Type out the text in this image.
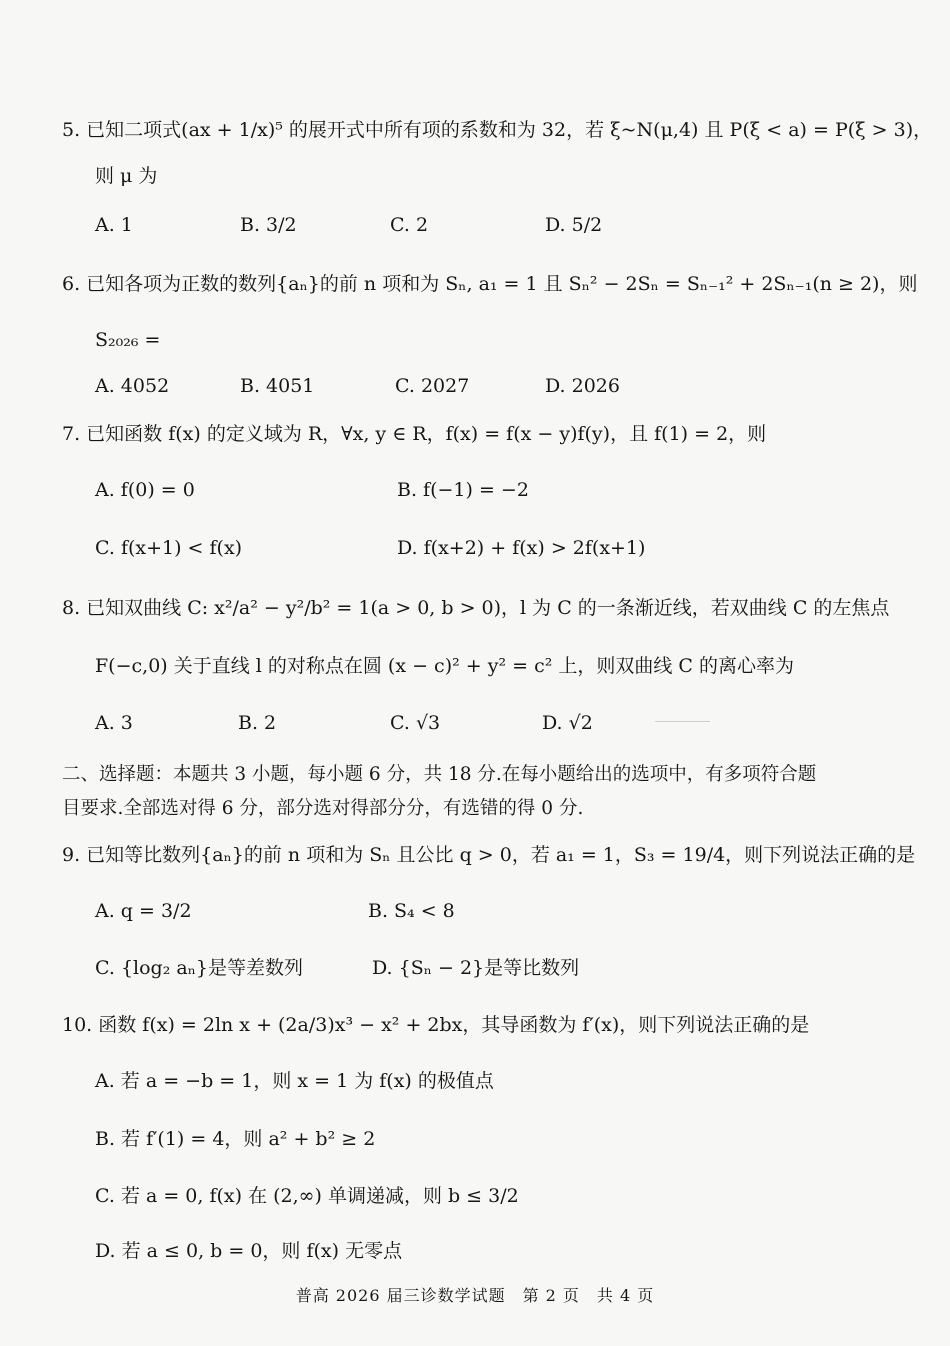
5. 已知二项式(ax + 1/x)⁵ 的展开式中所有项的系数和为 32，若 ξ~N(μ,4) 且 P(ξ < a) = P(ξ > 3)，
则 μ 为
A. 1	B. 3/2	C. 2	D. 5/2
6. 已知各项为正数的数列{aₙ}的前 n 项和为 Sₙ, a₁ = 1 且 Sₙ² − 2Sₙ = Sₙ₋₁² + 2Sₙ₋₁(n ≥ 2)，则
S₂₀₂₆ =
A. 4052	B. 4051	C. 2027	D. 2026
7. 已知函数 f(x) 的定义域为 R，∀x, y ∈ R，f(x) = f(x − y)f(y)，且 f(1) = 2，则
A. f(0) = 0	B. f(−1) = −2
C. f(x+1) < f(x)	D. f(x+2) + f(x) > 2f(x+1)
8. 已知双曲线 C: x²/a² − y²/b² = 1(a > 0, b > 0)，l 为 C 的一条渐近线，若双曲线 C 的左焦点
F(−c,0) 关于直线 l 的对称点在圆 (x − c)² + y² = c² 上，则双曲线 C 的离心率为
A. 3	B. 2	C. √3	D. √2
二、选择题：本题共 3 小题，每小题 6 分，共 18 分.在每小题给出的选项中，有多项符合题
目要求.全部选对得 6 分，部分选对得部分分，有选错的得 0 分.
9. 已知等比数列{aₙ}的前 n 项和为 Sₙ 且公比 q > 0，若 a₁ = 1，S₃ = 19/4，则下列说法正确的是
A. q = 3/2	B. S₄ < 8
C. {log₂ aₙ}是等差数列	D. {Sₙ − 2}是等比数列
10. 函数 f(x) = 2ln x + (2a/3)x³ − x² + 2bx，其导函数为 f′(x)，则下列说法正确的是
A. 若 a = −b = 1，则 x = 1 为 f(x) 的极值点
B. 若 f′(1) = 4，则 a² + b² ≥ 2
C. 若 a = 0, f(x) 在 (2,∞) 单调递减，则 b ≤ 3/2
D. 若 a ≤ 0, b = 0，则 f(x) 无零点
普高 2026 届三诊数学试题　第 2 页　共 4 页
